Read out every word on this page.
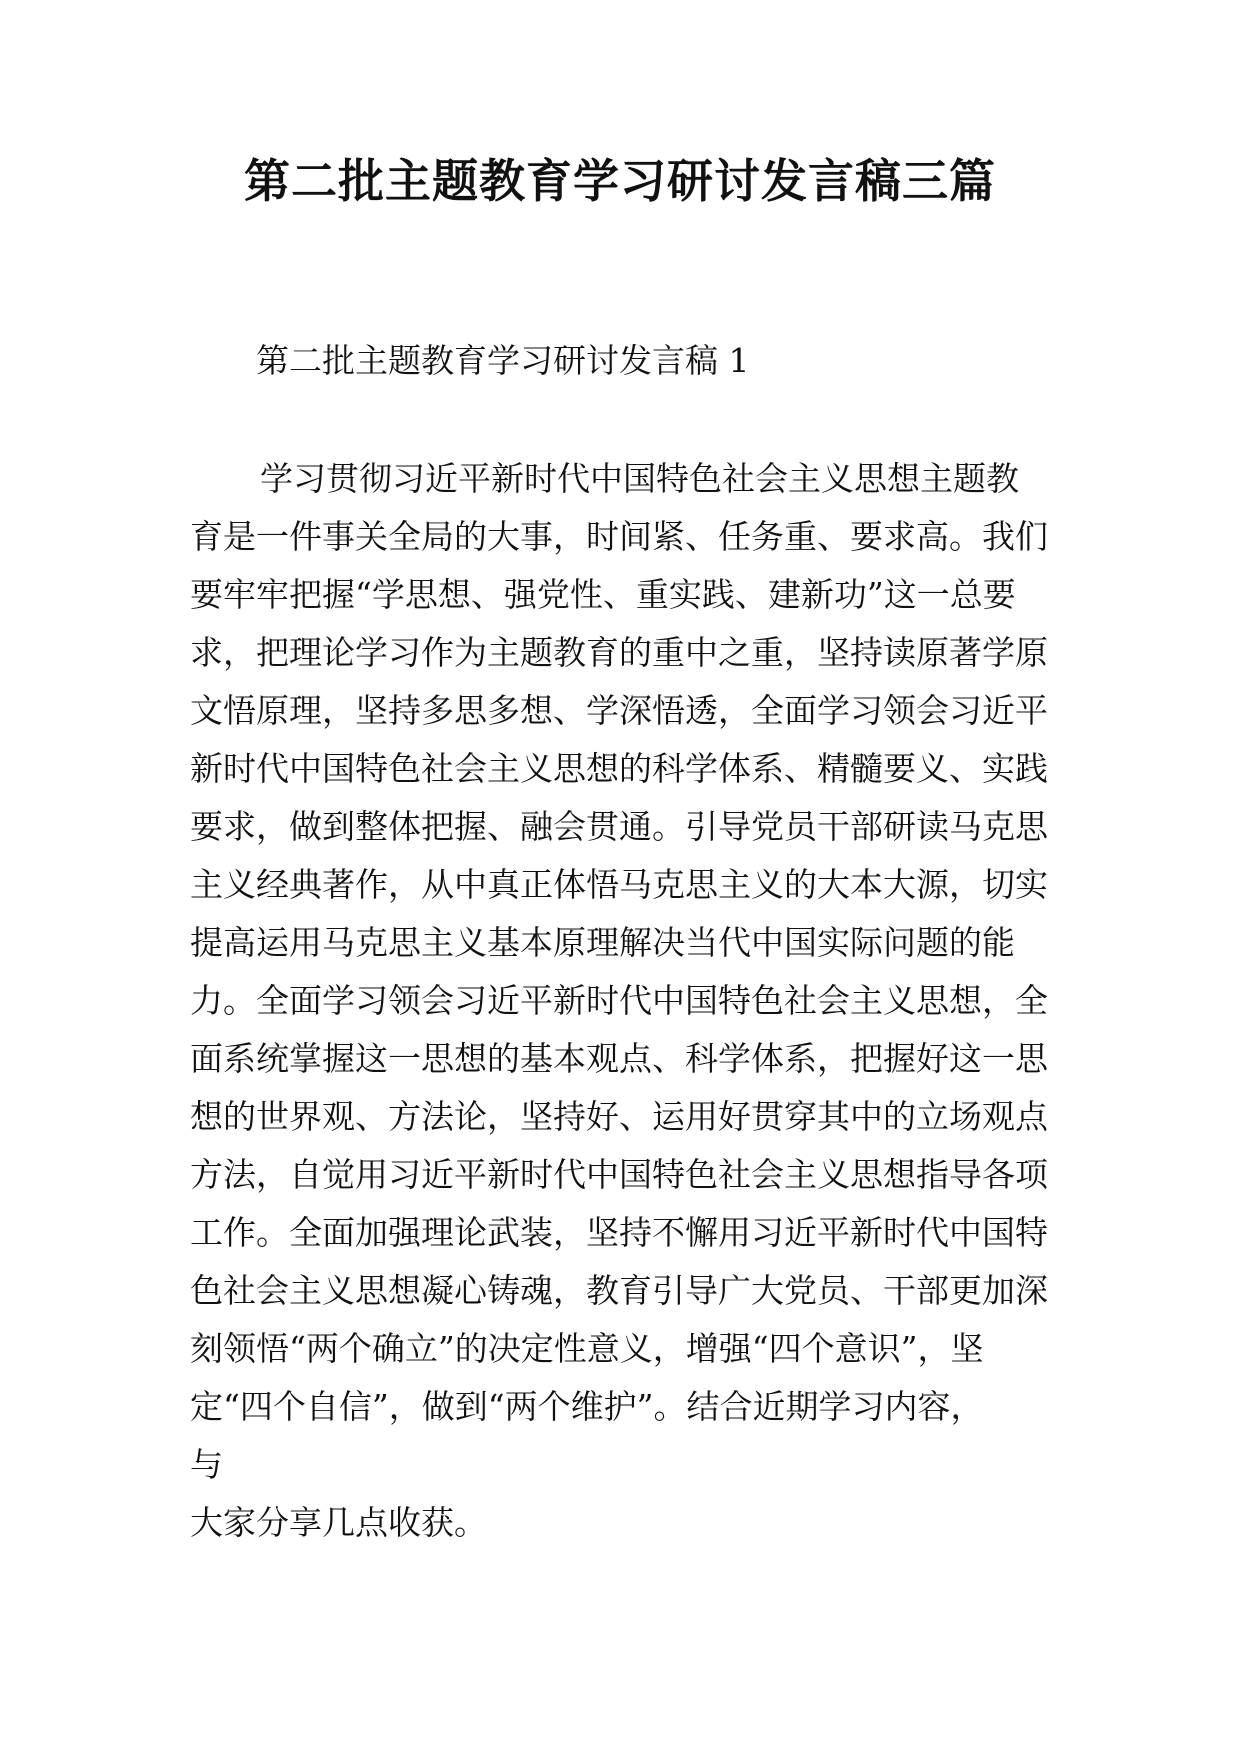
第二批主题教育学习研讨发言稿三篇

第二批主题教育学习研讨发言稿 1

学习贯彻习近平新时代中国特色社会主义思想主题教
育是一件事关全局的大事，时间紧、任务重、要求高。我们
要牢牢把握“学思想、强党性、重实践、建新功”这一总要
求，把理论学习作为主题教育的重中之重，坚持读原著学原
文悟原理，坚持多思多想、学深悟透，全面学习领会习近平
新时代中国特色社会主义思想的科学体系、精髓要义、实践
要求，做到整体把握、融会贯通。引导党员干部研读马克思
主义经典著作，从中真正体悟马克思主义的大本大源，切实
提高运用马克思主义基本原理解决当代中国实际问题的能
力。全面学习领会习近平新时代中国特色社会主义思想，全
面系统掌握这一思想的基本观点、科学体系，把握好这一思
想的世界观、方法论，坚持好、运用好贯穿其中的立场观点
方法，自觉用习近平新时代中国特色社会主义思想指导各项
工作。全面加强理论武装，坚持不懈用习近平新时代中国特
色社会主义思想凝心铸魂，教育引导广大党员、干部更加深
刻领悟“两个确立”的决定性意义，增强“四个意识”，坚
定“四个自信”，做到“两个维护”。结合近期学习内容，
与
大家分享几点收获。
